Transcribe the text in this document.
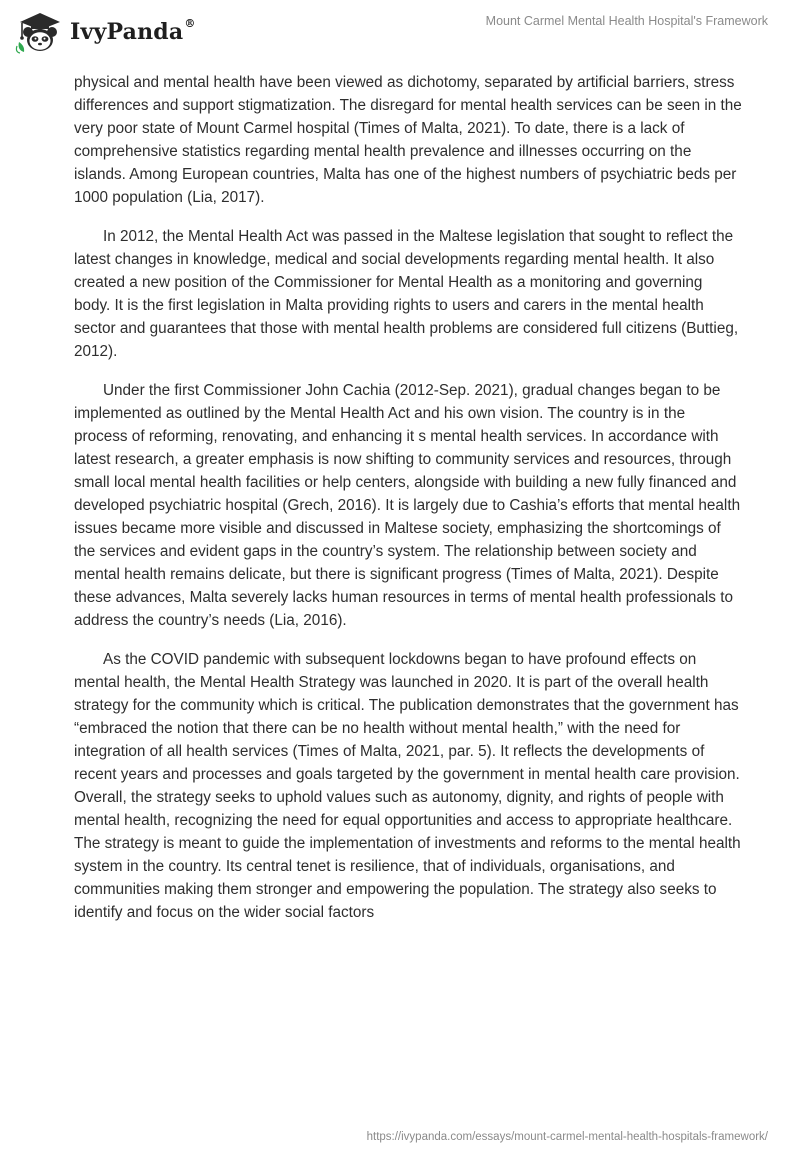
IvyPanda®	Mount Carmel Mental Health Hospital's Framework

physical and mental health have been viewed as dichotomy, separated by artificial barriers, stress differences and support stigmatization. The disregard for mental health services can be seen in the very poor state of Mount Carmel hospital (Times of Malta, 2021). To date, there is a lack of comprehensive statistics regarding mental health prevalence and illnesses occurring on the islands. Among European countries, Malta has one of the highest numbers of psychiatric beds per 1000 population (Lia, 2017).

In 2012, the Mental Health Act was passed in the Maltese legislation that sought to reflect the latest changes in knowledge, medical and social developments regarding mental health. It also created a new position of the Commissioner for Mental Health as a monitoring and governing body. It is the first legislation in Malta providing rights to users and carers in the mental health sector and guarantees that those with mental health problems are considered full citizens (Buttieg, 2012).

Under the first Commissioner John Cachia (2012-Sep. 2021), gradual changes began to be implemented as outlined by the Mental Health Act and his own vision. The country is in the process of reforming, renovating, and enhancing it s mental health services. In accordance with latest research, a greater emphasis is now shifting to community services and resources, through small local mental health facilities or help centers, alongside with building a new fully financed and developed psychiatric hospital (Grech, 2016). It is largely due to Cashia’s efforts that mental health issues became more visible and discussed in Maltese society, emphasizing the shortcomings of the services and evident gaps in the country’s system. The relationship between society and mental health remains delicate, but there is significant progress (Times of Malta, 2021). Despite these advances, Malta severely lacks human resources in terms of mental health professionals to address the country’s needs (Lia, 2016).

As the COVID pandemic with subsequent lockdowns began to have profound effects on mental health, the Mental Health Strategy was launched in 2020. It is part of the overall health strategy for the community which is critical. The publication demonstrates that the government has “embraced the notion that there can be no health without mental health,” with the need for integration of all health services (Times of Malta, 2021, par. 5). It reflects the developments of recent years and processes and goals targeted by the government in mental health care provision. Overall, the strategy seeks to uphold values such as autonomy, dignity, and rights of people with mental health, recognizing the need for equal opportunities and access to appropriate healthcare. The strategy is meant to guide the implementation of investments and reforms to the mental health system in the country. Its central tenet is resilience, that of individuals, organisations, and communities making them stronger and empowering the population. The strategy also seeks to identify and focus on the wider social factors

https://ivypanda.com/essays/mount-carmel-mental-health-hospitals-framework/
